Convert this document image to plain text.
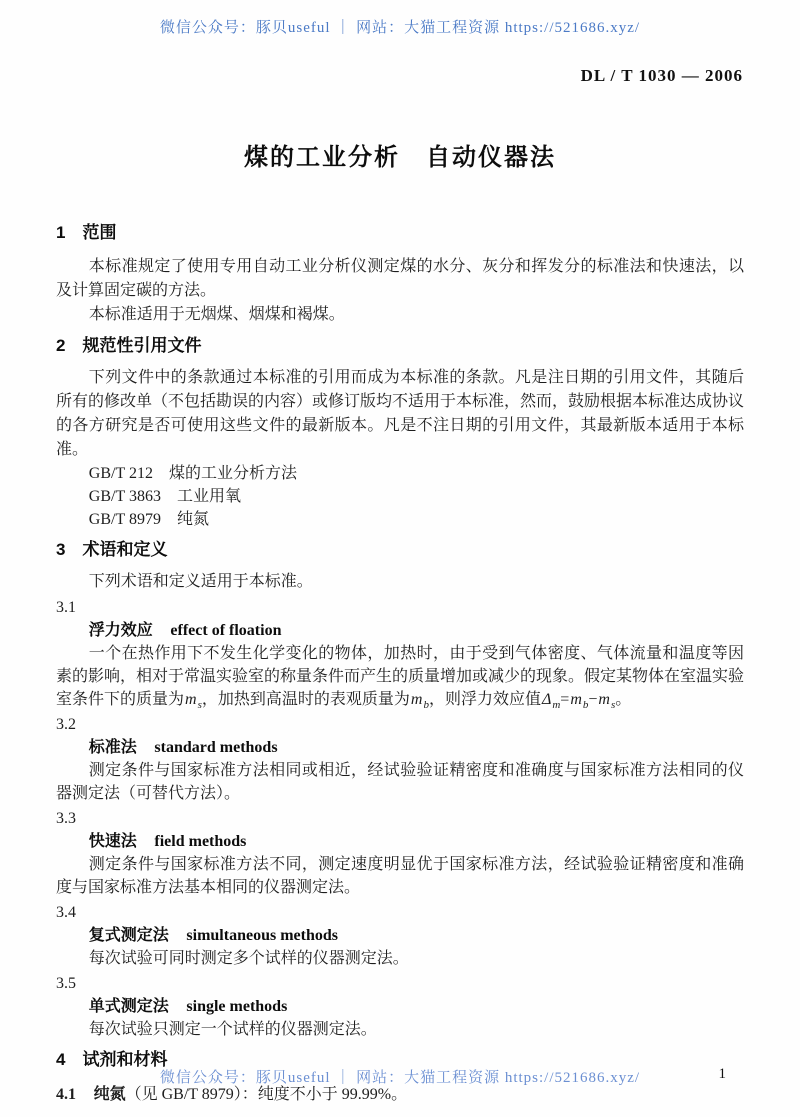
微信公众号：豚贝useful ｜ 网站：大猫工程资源 https://521686.xyz/
DL / T 1030 — 2006
煤的工业分析　自动仪器法
1　范围

本标准规定了使用专用自动工业分析仪测定煤的水分、灰分和挥发分的标准法和快速法，以及计算固定碳的方法。

本标准适用于无烟煤、烟煤和褐煤。

2　规范性引用文件

下列文件中的条款通过本标准的引用而成为本标准的条款。凡是注日期的引用文件，其随后所有的修改单（不包括勘误的内容）或修订版均不适用于本标准，然而，鼓励根据本标准达成协议的各方研究是否可使用这些文件的最新版本。凡是不注日期的引用文件，其最新版本适用于本标准。

GB/T 212　煤的工业分析方法
GB/T 3863　工业用氧
GB/T 8979　纯氮
3　术语和定义

下列术语和定义适用于本标准。

3.1
浮力效应 effect of floation

一个在热作用下不发生化学变化的物体，加热时，由于受到气体密度、气体流量和温度等因素的影响，相对于常温实验室的称量条件而产生的质量增加或减少的现象。假定某物体在室温实验室条件下的质量为$m_s$，加热到高温时的表观质量为$m_b$，则浮力效应值$\Delta_m=m_b-m_s$。

3.2
标准法 standard methods

测定条件与国家标准方法相同或相近，经试验验证精密度和准确度与国家标准方法相同的仪器测定法（可替代方法）。

3.3
快速法 field methods

测定条件与国家标准方法不同，测定速度明显优于国家标准方法，经试验验证精密度和准确度与国家标准方法基本相同的仪器测定法。

3.4
复式测定法 simultaneous methods

每次试验可同时测定多个试样的仪器测定法。

3.5
单式测定法 single methods

每次试验只测定一个试样的仪器测定法。

4　试剂和材料

4.1 纯氮（见 GB/T 8979）：纯度不小于 99.99%。

微信公众号：豚贝useful ｜ 网站：大猫工程资源 https://521686.xyz/	1
